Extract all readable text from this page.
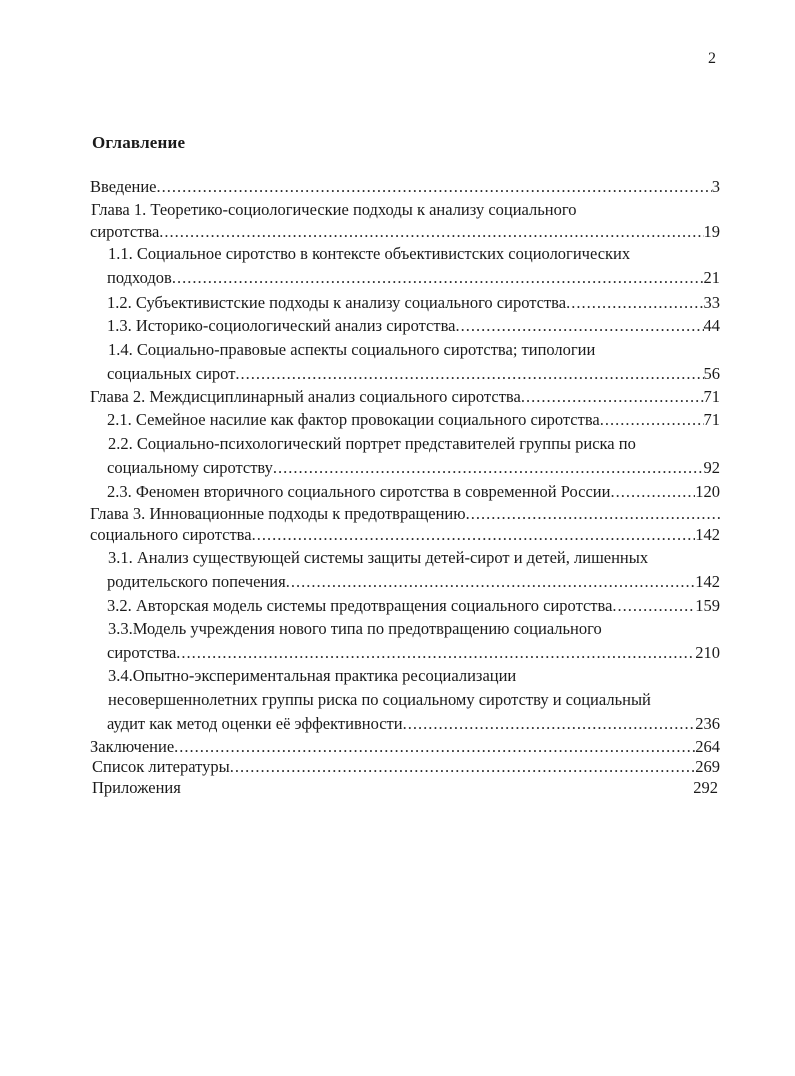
2
Оглавление
Введение .....	3
Глава 1. Теоретико-социологические подходы к анализу социального
сиротства .....	19
1.1. Социальное сиротство в контексте объективистских социологических
подходов .....	21
1.2. Субъективистские подходы к анализу социального сиротства .....	33
1.3. Историко-социологический анализ сиротства .....	44
1.4. Социально-правовые аспекты социального сиротства; типологии
социальных сирот .....	56
Глава 2. Междисциплинарный анализ социального сиротства .....	71
2.1. Семейное насилие как фактор провокации социального сиротства .....	71
2.2. Социально-психологический портрет представителей группы риска по
социальному сиротству .....	92
2.3. Феномен вторичного социального сиротства в современной России .....	120
Глава 3. Инновационные подходы к предотвращению
.....
социального сиротства .....	142
3.1. Анализ существующей системы защиты детей-сирот и детей, лишенных
родительского попечения .....	142
3.2. Авторская модель системы предотвращения социального сиротства .....	159
3.3.Модель учреждения нового типа по предотвращению социального
сиротства .....	210
3.4.Опытно-экспериментальная практика ресоциализации
несовершеннолетних группы риска по социальному сиротству и социальный
аудит как метод оценки её эффективности .....	236
Заключение .....	264
Список литературы .....	269
Приложения	292
